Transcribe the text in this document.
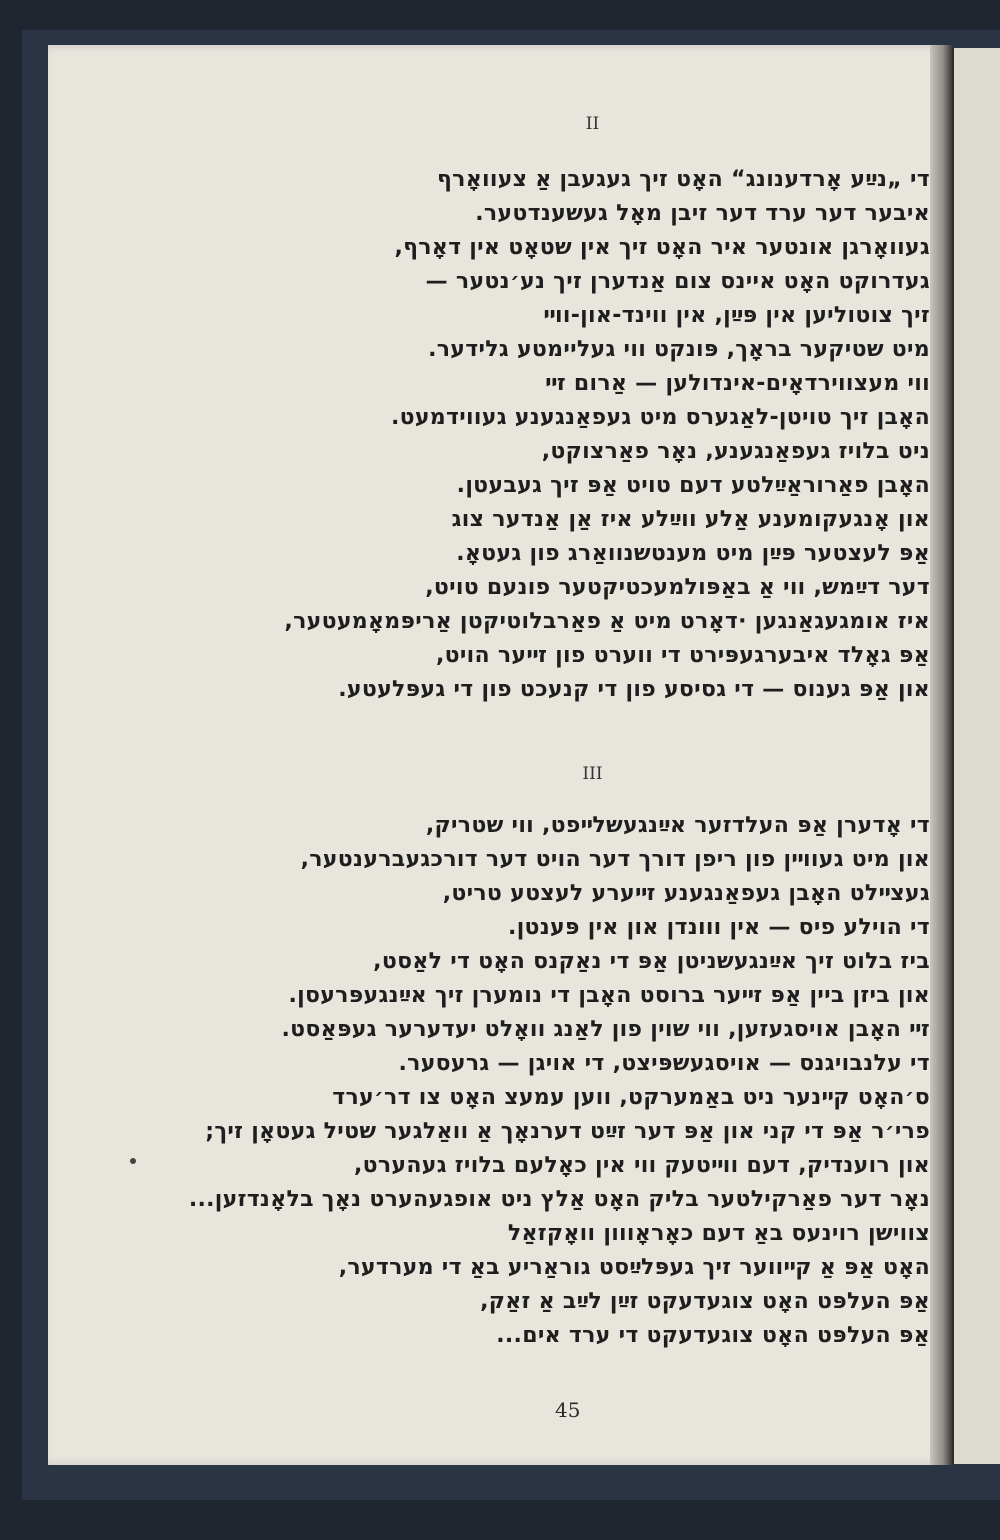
II
די „נײַע אָרדענונג“ האָט זיך געגעבן אַ צעוואָרף
איבער דער ערד דער זיבן מאָל געשענדטער.
געוואָרגן אונטער איר האָט זיך אין שטאָט אין דאָרף,
געדרוקט האָט איינס צום אַנדערן זיך נע׳נטער —
זיך צוטוליען אין פּײַן, אין ווינד-און-ווײ
מיט שטיקער בראָך, פּונקט ווי געליימטע גלידער.
ווי מעצווירדאָים-אינדולען — אַרום זײ
האָבן זיך טויטן-לאַגערס מיט געפאַנגענע געווידמעט.
ניט בלויז געפאַנגענע, נאָר פאַרצוקט,
האָבן פאַרוראַײַלטע דעם טויט אַפּ זיך געבעטן.
און אָנגעקומענע אַלע ווײַלע איז אַן אַנדער צוג
אַפּ לעצטער פּײַן מיט מענטשנוואַרג פון געטאָ.
דער דײַמש, ווי אַ באַפּולמעכטיקטער פונעם טויט,
איז אומגעגאַנגען ·דאָרט מיט אַ פאַרבלוטיקטן אַריפּמאָמעטער,
אַפּ גאָלד איבערגעפּירט די ווערט פון זײער הויט,
און אַפּ גענוס — די גסיסע פון די קנעכט פון די געפּלעטע.
III
די אָדערן אַפּ העלדזער אײַנגעשלײפט, ווי שטריק,
און מיט געווײן פון ריפן דורך דער הויט דער דורכגעברענטער,
געצײלט האָבן געפאַנגענע זײערע לעצטע טריט,
די הוילע פיס — אין ווונדן און אין פּענטן.
ביז בלוט זיך אײַנגעשניטן אַפּ די נאַקנס האָט די לאַסט,
און ביזן ביין אַפּ זײער ברוסט האָבן די נומערן זיך אײַנגעפּרעסן.
זײ האָבן אויסגעזען, ווי שוין פון לאַנג וואָלט יעדערער געפּאַסט.
די עלנבויגנס — אויסגעשפּיצט, די אויגן — גרעסער.
ס׳האָט קײנער ניט באַמערקט, ווען עמעצ האָט צו דר׳ערד
פרי׳ר אַפּ די קני און אַפּ דער זײַט דערנאָך אַ וואַלגער שטיל געטאָן זיך;
און רוענדיק, דעם ווײטעק ווי אין כאָלעם בלויז געהערט,
נאָר דער פאַרקילטער בליק האָט אַלץ ניט אופגעהערט נאָך בלאָנדזען...
צווישן רוינעס באַ דעם כאָראָווון וואָקזאַל
האָט אַפּ אַ קײווער זיך געפּלײַסט גוראַריע באַ די מערדער,
אַפּ העלפּט האָט צוגעדעקט זײַן לײַב אַ זאַק,
אַפּ העלפּט האָט צוגעדעקט די ערד אים...
45
